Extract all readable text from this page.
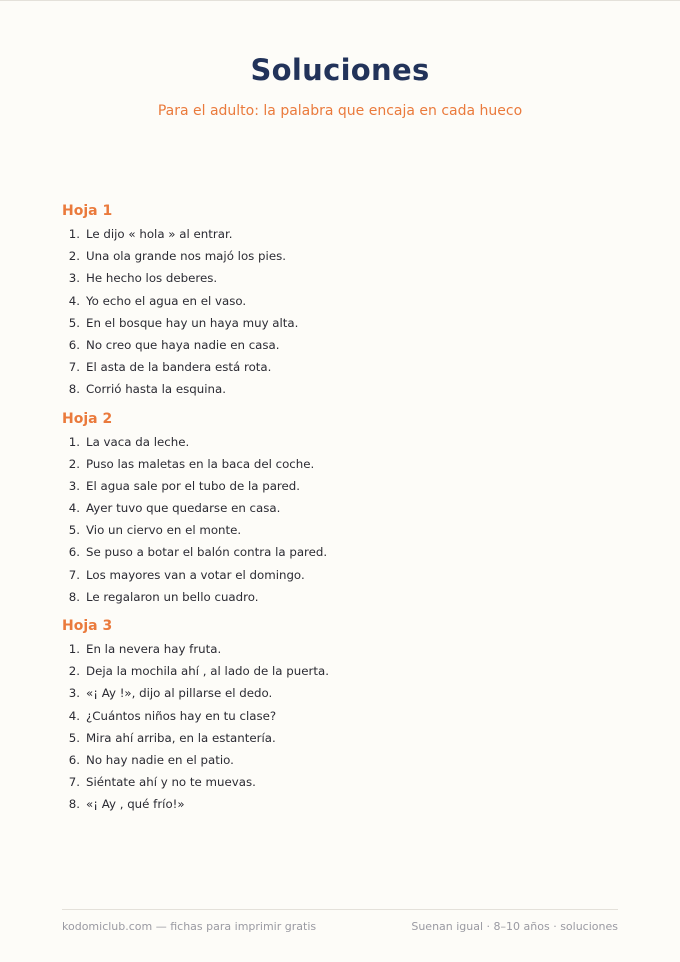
Soluciones
Para el adulto: la palabra que encaja en cada hueco
Hoja 1
1. Le dijo « hola » al entrar.
2. Una ola grande nos majó los pies.
3. He hecho los deberes.
4. Yo echo el agua en el vaso.
5. En el bosque hay un haya muy alta.
6. No creo que haya nadie en casa.
7. El asta de la bandera está rota.
8. Corrió hasta la esquina.
Hoja 2
1. La vaca da leche.
2. Puso las maletas en la baca del coche.
3. El agua sale por el tubo de la pared.
4. Ayer tuvo que quedarse en casa.
5. Vio un ciervo en el monte.
6. Se puso a botar el balón contra la pared.
7. Los mayores van a votar el domingo.
8. Le regalaron un bello cuadro.
Hoja 3
1. En la nevera hay fruta.
2. Deja la mochila ahí , al lado de la puerta.
3. «¡ Ay !», dijo al pillarse el dedo.
4. ¿Cuántos niños hay en tu clase?
5. Mira ahí arriba, en la estantería.
6. No hay nadie en el patio.
7. Siéntate ahí y no te muevas.
8. «¡ Ay , qué frío!»
kodomiclub.com — fichas para imprimir gratis	Suenan igual · 8–10 años · soluciones
